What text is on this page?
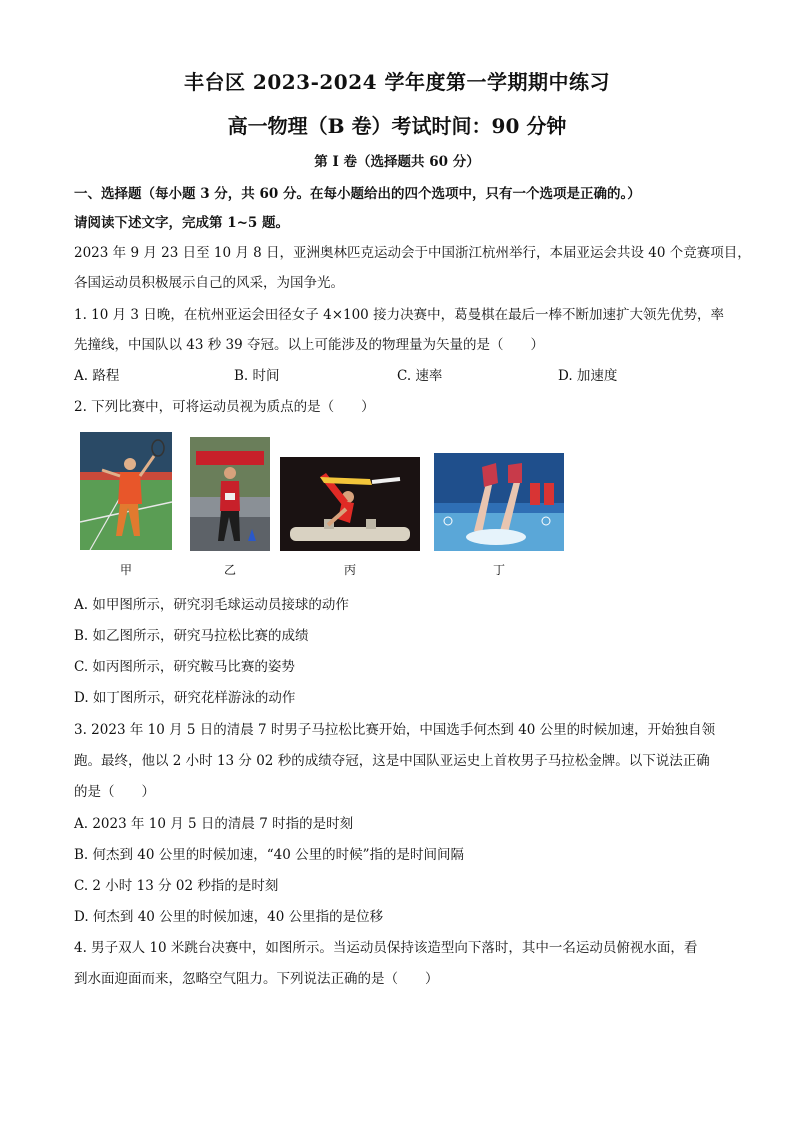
丰台区 2023-2024 学年度第一学期期中练习
高一物理（B 卷）考试时间：90 分钟
第 I 卷（选择题共 60 分）
一、选择题（每小题 3 分，共 60 分。在每小题给出的四个选项中，只有一个选项是正确的。）
请阅读下述文字，完成第 1~5 题。
2023 年 9 月 23 日至 10 月 8 日，亚洲奥林匹克运动会于中国浙江杭州举行，本届亚运会共设 40 个竞赛项目，
各国运动员积极展示自己的风采，为国争光。
1. 10 月 3 日晚，在杭州亚运会田径女子 4×100 接力决赛中，葛曼棋在最后一棒不断加速扩大领先优势，率
先撞线，中国队以 43 秒 39 夺冠。以上可能涉及的物理量为矢量的是（　　）
A. 路程	B. 时间	C. 速率	D. 加速度
2. 下列比赛中，可将运动员视为质点的是（　　）
甲	乙	丙	丁
A. 如甲图所示，研究羽毛球运动员接球的动作
B. 如乙图所示，研究马拉松比赛的成绩
C. 如丙图所示，研究鞍马比赛的姿势
D. 如丁图所示，研究花样游泳的动作
3. 2023 年 10 月 5 日的清晨 7 时男子马拉松比赛开始，中国选手何杰到 40 公里的时候加速，开始独自领
跑。最终，他以 2 小时 13 分 02 秒的成绩夺冠，这是中国队亚运史上首枚男子马拉松金牌。以下说法正确
的是（　　）
A. 2023 年 10 月 5 日的清晨 7 时指的是时刻
B. 何杰到 40 公里的时候加速，“40 公里的时候”指的是时间间隔
C. 2 小时 13 分 02 秒指的是时刻
D. 何杰到 40 公里的时候加速，40 公里指的是位移
4. 男子双人 10 米跳台决赛中，如图所示。当运动员保持该造型向下落时，其中一名运动员俯视水面，看
到水面迎面而来，忽略空气阻力。下列说法正确的是（　　）
